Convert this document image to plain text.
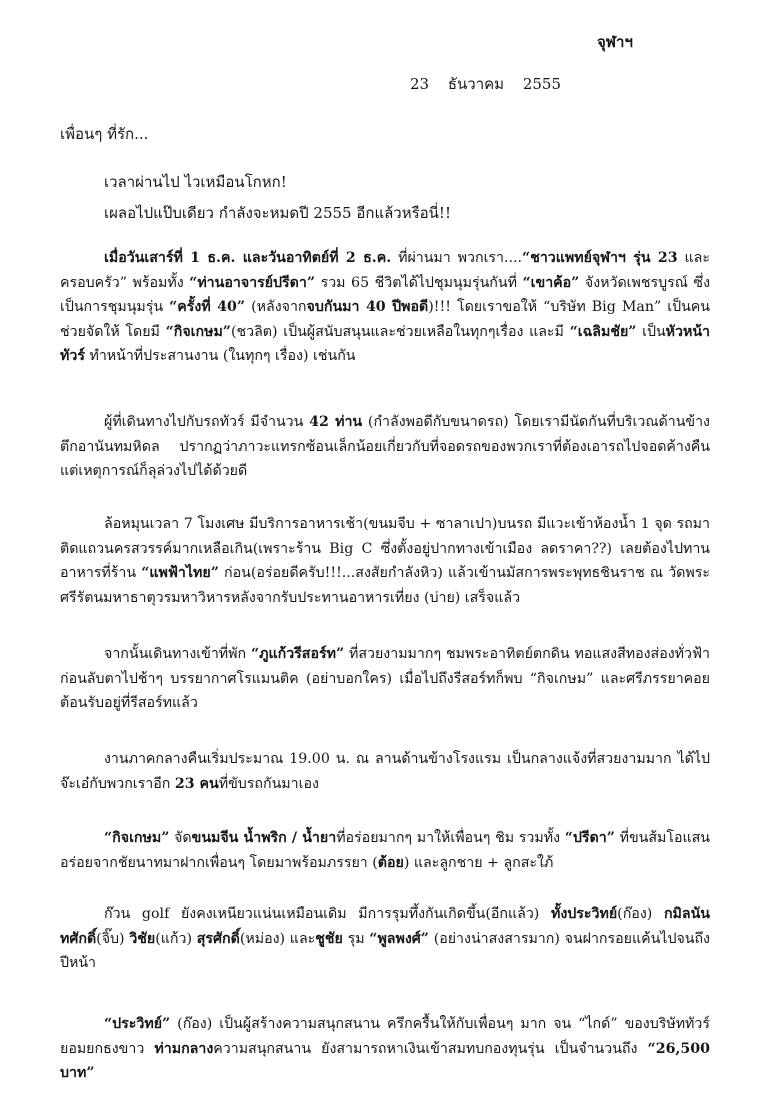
จุฬาฯ
23 ธันวาคม 2555
เพื่อนๆ ที่รัก...
เวลาผ่านไป ไวเหมือนโกหก!
เผลอไปแป๊บเดียว กำลังจะหมดปี 2555 อีกแล้วหรือนี่!!
เมื่อวันเสาร์ที่ 1 ธ.ค. และวันอาทิตย์ที่ 2 ธ.ค. ที่ผ่านมา พวกเรา....“ชาวแพทย์จุฬาฯ รุ่น 23 และครอบครัว” พร้อมทั้ง “ท่านอาจารย์ปรีดา” รวม 65 ชีวิตได้ไปชุมนุมรุ่นกันที่ “เขาค้อ” จังหวัดเพชรบูรณ์ ซึ่งเป็นการชุมนุมรุ่น “ครั้งที่ 40” (หลังจากจบกันมา 40 ปีพอดี)!!! โดยเราขอให้ “บริษัท Big Man” เป็นคนช่วยจัดให้ โดยมี “กิจเกษม”(ชวลิต) เป็นผู้สนับสนุนและช่วยเหลือในทุกๆเรื่อง และมี “เฉลิมชัย” เป็นหัวหน้าทัวร์ ทำหน้าที่ประสานงาน (ในทุกๆ เรื่อง) เช่นกัน
ผู้ที่เดินทางไปกับรถทัวร์ มีจำนวน 42 ท่าน (กำลังพอดีกับขนาดรถ) โดยเรามีนัดกันที่บริเวณด้านข้างตึกอานันทมหิดล ปรากฏว่าภาวะแทรกซ้อนเล็กน้อยเกี่ยวกับที่จอดรถของพวกเราที่ต้องเอารถไปจอดค้างคืน แต่เหตุการณ์ก็ลุล่วงไปได้ด้วยดี
ล้อหมุนเวลา 7 โมงเศษ มีบริการอาหารเช้า(ขนมจีบ + ซาลาเปา)บนรถ มีแวะเข้าห้องน้ำ 1 จุด รถมาติดแถวนครสวรรค์มากเหลือเกิน(เพราะร้าน Big C ซึ่งตั้งอยู่ปากทางเข้าเมือง ลดราคา??) เลยต้องไปทานอาหารที่ร้าน “แพฟ้าไทย” ก่อน(อร่อยดีครับ!!!...สงสัยกำลังหิว) แล้วเข้านมัสการพระพุทธชินราช ณ วัดพระศรีรัตนมหาธาตุวรมหาวิหารหลังจากรับประทานอาหารเที่ยง (บ่าย) เสร็จแล้ว
จากนั้นเดินทางเข้าที่พัก “ภูแก้วรีสอร์ท” ที่สวยงามมากๆ ชมพระอาทิตย์ตกดิน ทอแสงสีทองส่องทั่วฟ้าก่อนลับตาไปช้าๆ บรรยากาศโรแมนติค (อย่าบอกใคร) เมื่อไปถึงรีสอร์ทก็พบ “กิจเกษม” และศรีภรรยาคอยต้อนรับอยู่ที่รีสอร์ทแล้ว
งานภาคกลางคืนเริ่มประมาณ 19.00 น. ณ ลานด้านข้างโรงแรม เป็นกลางแจ้งที่สวยงามมาก ได้ไปจ๊ะเอ๋กับพวกเราอีก 23 คนที่ขับรถกันมาเอง
“กิจเกษม” จัดขนมจีน น้ำพริก / น้ำยาที่อร่อยมากๆ มาให้เพื่อนๆ ชิม รวมทั้ง “ปรีดา” ที่ขนส้มโอแสนอร่อยจากชัยนาทมาฝากเพื่อนๆ โดยมาพร้อมภรรยา (ต้อย) และลูกชาย + ลูกสะใภ้
ก๊วน golf ยังคงเหนียวแน่นเหมือนเดิม มีการรุมทึ้งกันเกิดขึ้น(อีกแล้ว) ทั้งประวิทย์(ก๊อง) กมิลนันทศักดิ์(จิ๊บ) วิชัย(แก้ว) สุรศักดิ์(หม่อง) และชูชัย รุม “พูลพงศ์” (อย่างน่าสงสารมาก) จนฝากรอยแค้นไปจนถึงปีหน้า
“ประวิทย์” (ก๊อง) เป็นผู้สร้างความสนุกสนาน ครึกครื้นให้กับเพื่อนๆ มาก จน “ไกด์” ของบริษัททัวร์ยอมยกธงขาว ท่ามกลางความสนุกสนาน ยังสามารถหาเงินเข้าสมทบกองทุนรุ่น เป็นจำนวนถึง “26,500 บาท”
